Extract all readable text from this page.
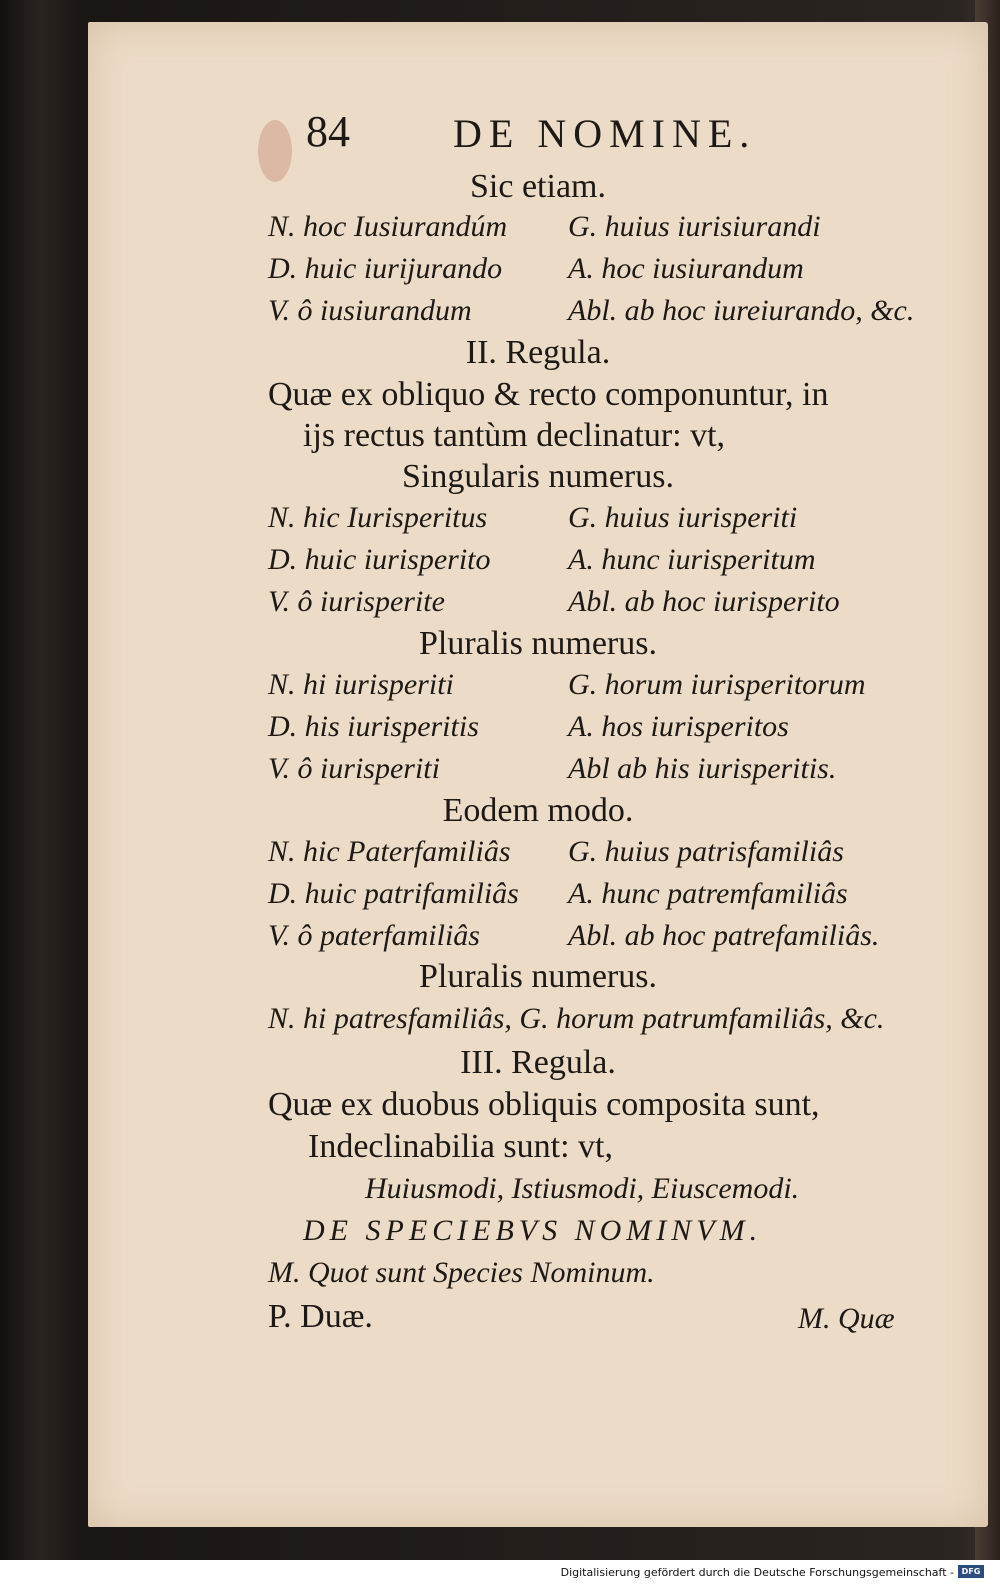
84	DE NOMINE.
Sic etiam.
N. hoc Iusiurandúm G. huius iurisiurandi
D. huic iurijurando A. hoc iusiurandum
V. ô iusiurandum	Abl. ab hoc iureiurando, &c.
II. Regula.
Quæ ex obliquo & recto componuntur, in
ijs rectus tantùm declinatur: vt,
Singularis numerus.
N. hic Iurisperitus	G. huius iurisperiti
D. huic iurisperito	A. hunc iurisperitum
V. ô iurisperite	Abl. ab hoc iurisperito
Pluralis numerus.
N. hi iurisperiti	G. horum iurisperitorum
D. his iurisperitis	A. hos iurisperitos
V. ô iurisperiti	Abl ab his iurisperitis.
Eodem modo.
N. hic Paterfamiliâs G. huius patrisfamiliâs
D. huic patrifamiliâs A. hunc patremfamiliâs
V. ô paterfamiliâs	Abl. ab hoc patrefamiliâs.
Pluralis numerus.
N. hi patresfamiliâs, G. horum patrumfamiliâs, &c.
III. Regula.
Quæ ex duobus obliquis composita sunt,
Indeclinabilia sunt: vt,
Huiusmodi, Istiusmodi, Eiuscemodi.
DE SPECIEBVS NOMINVM.
M. Quot sunt Species Nominum.
P. Duæ.	M. Quæ
Digitalisierung gefördert durch die Deutsche Forschungsgemeinschaft - DFG
